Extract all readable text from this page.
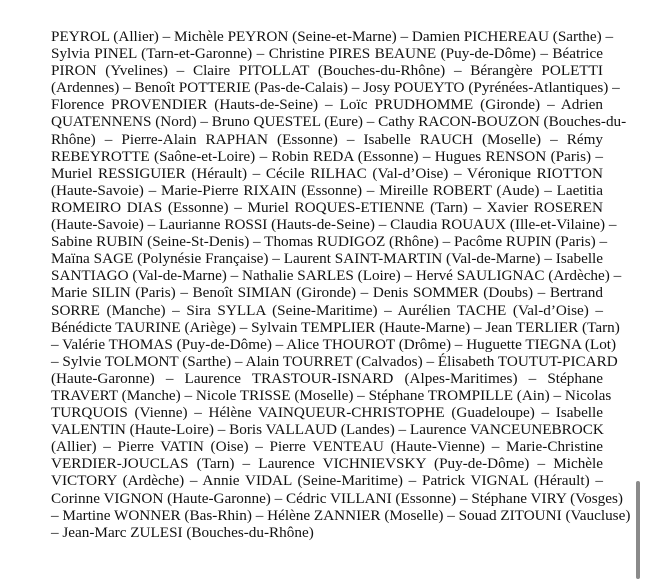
PEYROL (Allier) – Michèle PEYRON (Seine-et-Marne) – Damien PICHEREAU (Sarthe) –
Sylvia PINEL (Tarn-et-Garonne) – Christine PIRES BEAUNE (Puy-de-Dôme) – Béatrice
PIRON (Yvelines) – Claire PITOLLAT (Bouches-du-Rhône) – Bérangère POLETTI
(Ardennes) – Benoît POTTERIE (Pas-de-Calais) – Josy POUEYTO (Pyrénées-Atlantiques) –
Florence PROVENDIER (Hauts-de-Seine) – Loïc PRUDHOMME (Gironde) – Adrien
QUATENNENS (Nord) – Bruno QUESTEL (Eure) – Cathy RACON-BOUZON (Bouches-du-
Rhône) – Pierre-Alain RAPHAN (Essonne) – Isabelle RAUCH (Moselle) – Rémy
REBEYROTTE (Saône-et-Loire) – Robin REDA (Essonne) – Hugues RENSON (Paris) –
Muriel RESSIGUIER (Hérault) – Cécile RILHAC (Val-d’Oise) – Véronique RIOTTON
(Haute-Savoie) – Marie-Pierre RIXAIN (Essonne) – Mireille ROBERT (Aude) – Laetitia
ROMEIRO DIAS (Essonne) – Muriel ROQUES-ETIENNE (Tarn) – Xavier ROSEREN
(Haute-Savoie) – Laurianne ROSSI (Hauts-de-Seine) – Claudia ROUAUX (Ille-et-Vilaine) –
Sabine RUBIN (Seine-St-Denis) – Thomas RUDIGOZ (Rhône) – Pacôme RUPIN (Paris) –
Maïna SAGE (Polynésie Française) – Laurent SAINT-MARTIN (Val-de-Marne) – Isabelle
SANTIAGO (Val-de-Marne) – Nathalie SARLES (Loire) – Hervé SAULIGNAC (Ardèche) –
Marie SILIN (Paris) – Benoît SIMIAN (Gironde) – Denis SOMMER (Doubs) – Bertrand
SORRE (Manche) – Sira SYLLA (Seine-Maritime) – Aurélien TACHE (Val-d’Oise) –
Bénédicte TAURINE (Ariège) – Sylvain TEMPLIER (Haute-Marne) – Jean TERLIER (Tarn)
– Valérie THOMAS (Puy-de-Dôme) – Alice THOUROT (Drôme) – Huguette TIEGNA (Lot)
– Sylvie TOLMONT (Sarthe) – Alain TOURRET (Calvados) – Élisabeth TOUTUT-PICARD
(Haute-Garonne) – Laurence TRASTOUR-ISNARD (Alpes-Maritimes) – Stéphane
TRAVERT (Manche) – Nicole TRISSE (Moselle) – Stéphane TROMPILLE (Ain) – Nicolas
TURQUOIS (Vienne) – Hélène VAINQUEUR-CHRISTOPHE (Guadeloupe) – Isabelle
VALENTIN (Haute-Loire) – Boris VALLAUD (Landes) – Laurence VANCEUNEBROCK
(Allier) – Pierre VATIN (Oise) – Pierre VENTEAU (Haute-Vienne) – Marie-Christine
VERDIER-JOUCLAS (Tarn) – Laurence VICHNIEVSKY (Puy-de-Dôme) – Michèle
VICTORY (Ardèche) – Annie VIDAL (Seine-Maritime) – Patrick VIGNAL (Hérault) –
Corinne VIGNON (Haute-Garonne) – Cédric VILLANI (Essonne) – Stéphane VIRY (Vosges)
– Martine WONNER (Bas-Rhin) – Hélène ZANNIER (Moselle) – Souad ZITOUNI (Vaucluse)
– Jean-Marc ZULESI (Bouches-du-Rhône)
